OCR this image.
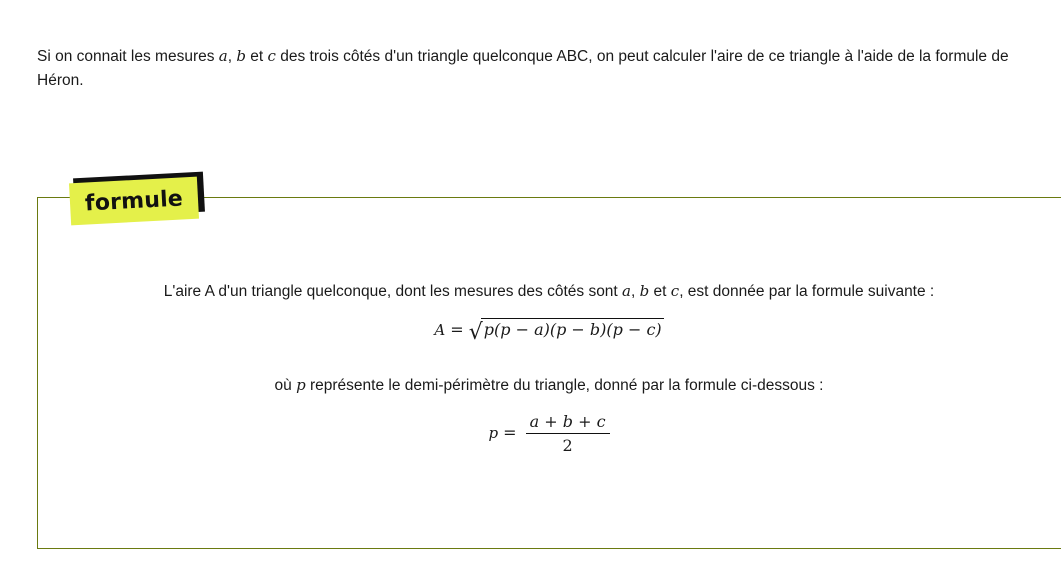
Si on connait les mesures a, b et c des trois côtés d'un triangle quelconque ABC, on peut calculer l'aire de ce triangle à l'aide de la formule de Héron.

formule
L'aire A d'un triangle quelconque, dont les mesures des côtés sont a, b et c, est donnée par la formule suivante :
A = √p(p − a)(p − b)(p − c)
où p représente le demi-périmètre du triangle, donné par la formule ci-dessous :
$p = \frac{a + b + c}{2}$
